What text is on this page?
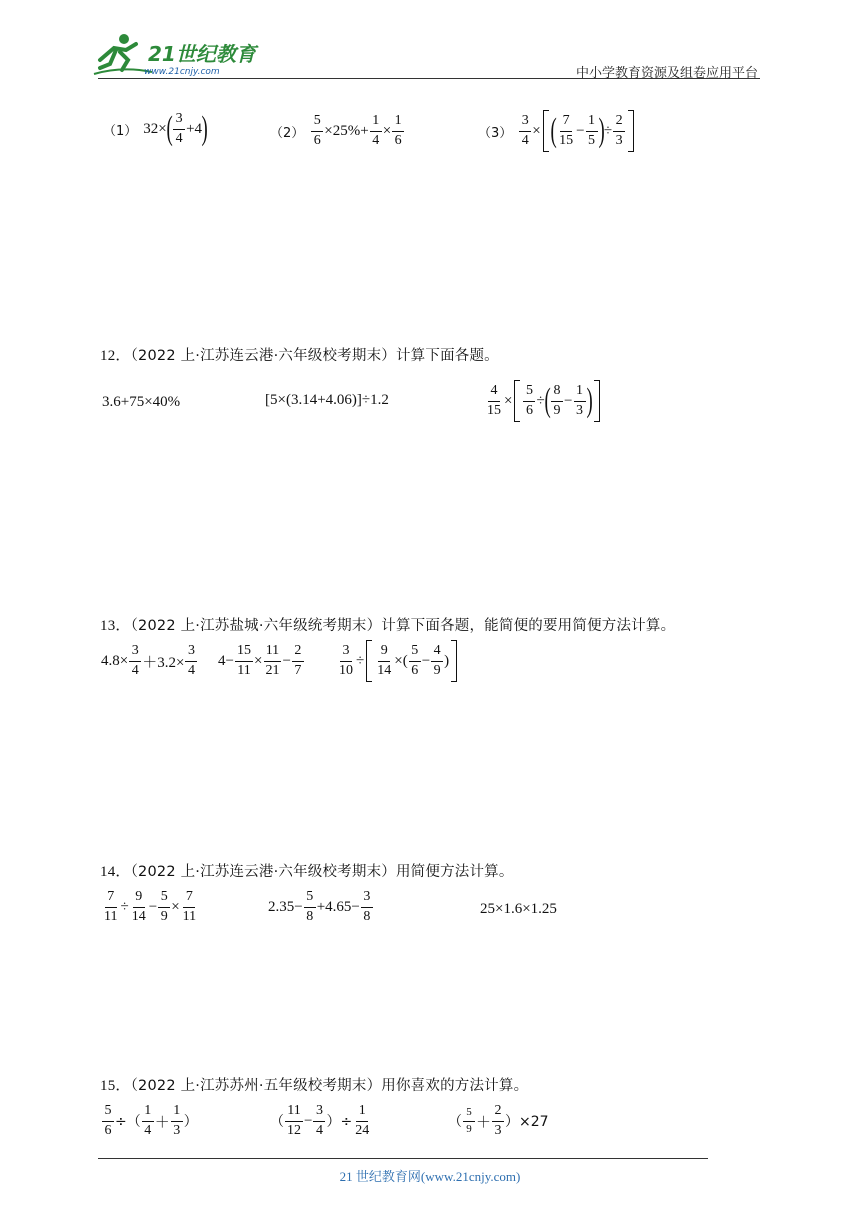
21世纪教育
www.21cnjy.com	中小学教育资源及组卷应用平台
（1） 32× ( $\frac{3}{4} +4$ )	$(2) \frac{5}{6} \times 25\%+ \frac{1}{4} \times \frac{1}{6}$	$(3) \frac{3}{4}$ × ( $\frac{7}{15} - \frac{1}{5}$ ) ÷ $\frac{2}{3}$
12．（2022 上·江苏连云港·六年级校考期末）计算下面各题。
3.6+75×40%	[5×(3.14+4.06)]÷1.2	$\frac{4}{15} \times \frac{5}{6}$ ÷ ( $\frac{8}{9} - \frac{1}{3}$ )
13．（2022 上·江苏盐城·六年级统考期末）计算下面各题，能简便的要用简便方法计算。
$4.8\times \frac{3}{4} +3.2\times \frac{3}{4} 4- \frac{15}{11} \times \frac{11}{21} - \frac{2}{7} \frac{3}{10} \div \frac{9}{14}$ ×( $\frac{5}{6} - \frac{4}{9}$ )
14．（2022 上·江苏连云港·六年级校考期末）用简便方法计算。
$\frac{7}{11} \div \frac{9}{14} - \frac{5}{9} \times \frac{7}{11}$	$2.35- \frac{5}{8} +4.65- \frac{3}{8}$	25×1.6×1.25
15．（2022 上·江苏苏州·五年级校考期末）用你喜欢的方法计算。
$\frac{5}{6}$ ÷（ $\frac{1}{4} + \frac{1}{3}$ ）	（ $\frac{11}{12} - \frac{3}{4}$ ）÷ $\frac{1}{24}$	（ $\frac{5}{9} + \frac{2}{3} )\times 27$
21 世纪教育网(www.21cnjy.com)
